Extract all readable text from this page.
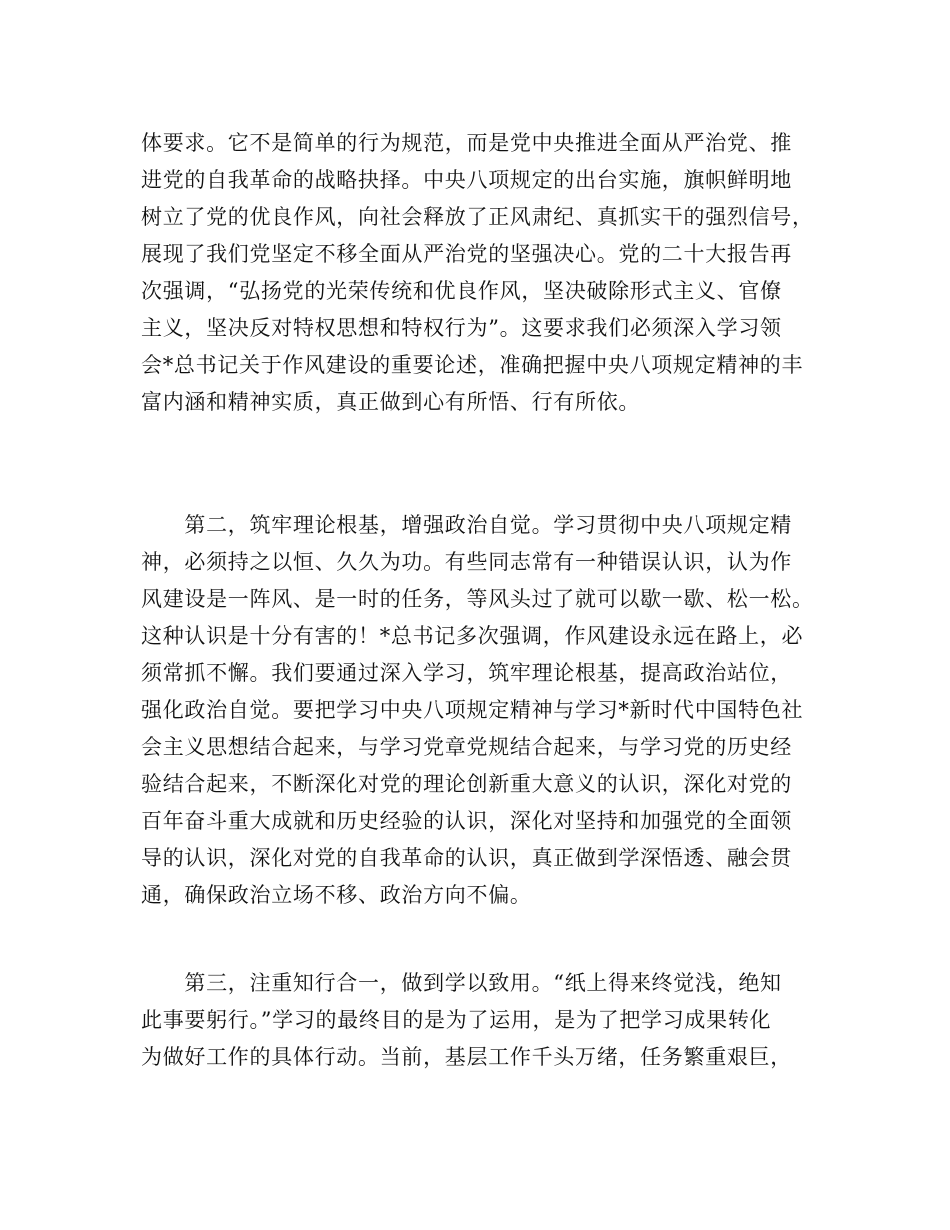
体要求。它不是简单的行为规范，而是党中央推进全面从严治党、推
进党的自我革命的战略抉择。中央八项规定的出台实施，旗帜鲜明地
树立了党的优良作风，向社会释放了正风肃纪、真抓实干的强烈信号，
展现了我们党坚定不移全面从严治党的坚强决心。党的二十大报告再
次强调，“弘扬党的光荣传统和优良作风，坚决破除形式主义、官僚
主义，坚决反对特权思想和特权行为”。这要求我们必须深入学习领
会*总书记关于作风建设的重要论述，准确把握中央八项规定精神的丰
富内涵和精神实质，真正做到心有所悟、行有所依。
　　第二，筑牢理论根基，增强政治自觉。学习贯彻中央八项规定精
神，必须持之以恒、久久为功。有些同志常有一种错误认识，认为作
风建设是一阵风、是一时的任务，等风头过了就可以歇一歇、松一松。
这种认识是十分有害的！*总书记多次强调，作风建设永远在路上，必
须常抓不懈。我们要通过深入学习，筑牢理论根基，提高政治站位，
强化政治自觉。要把学习中央八项规定精神与学习*新时代中国特色社
会主义思想结合起来，与学习党章党规结合起来，与学习党的历史经
验结合起来，不断深化对党的理论创新重大意义的认识，深化对党的
百年奋斗重大成就和历史经验的认识，深化对坚持和加强党的全面领
导的认识，深化对党的自我革命的认识，真正做到学深悟透、融会贯
通，确保政治立场不移、政治方向不偏。
　　第三，注重知行合一，做到学以致用。“纸上得来终觉浅，绝知
此事要躬行。”学习的最终目的是为了运用，是为了把学习成果转化
为做好工作的具体行动。当前，基层工作千头万绪，任务繁重艰巨，
